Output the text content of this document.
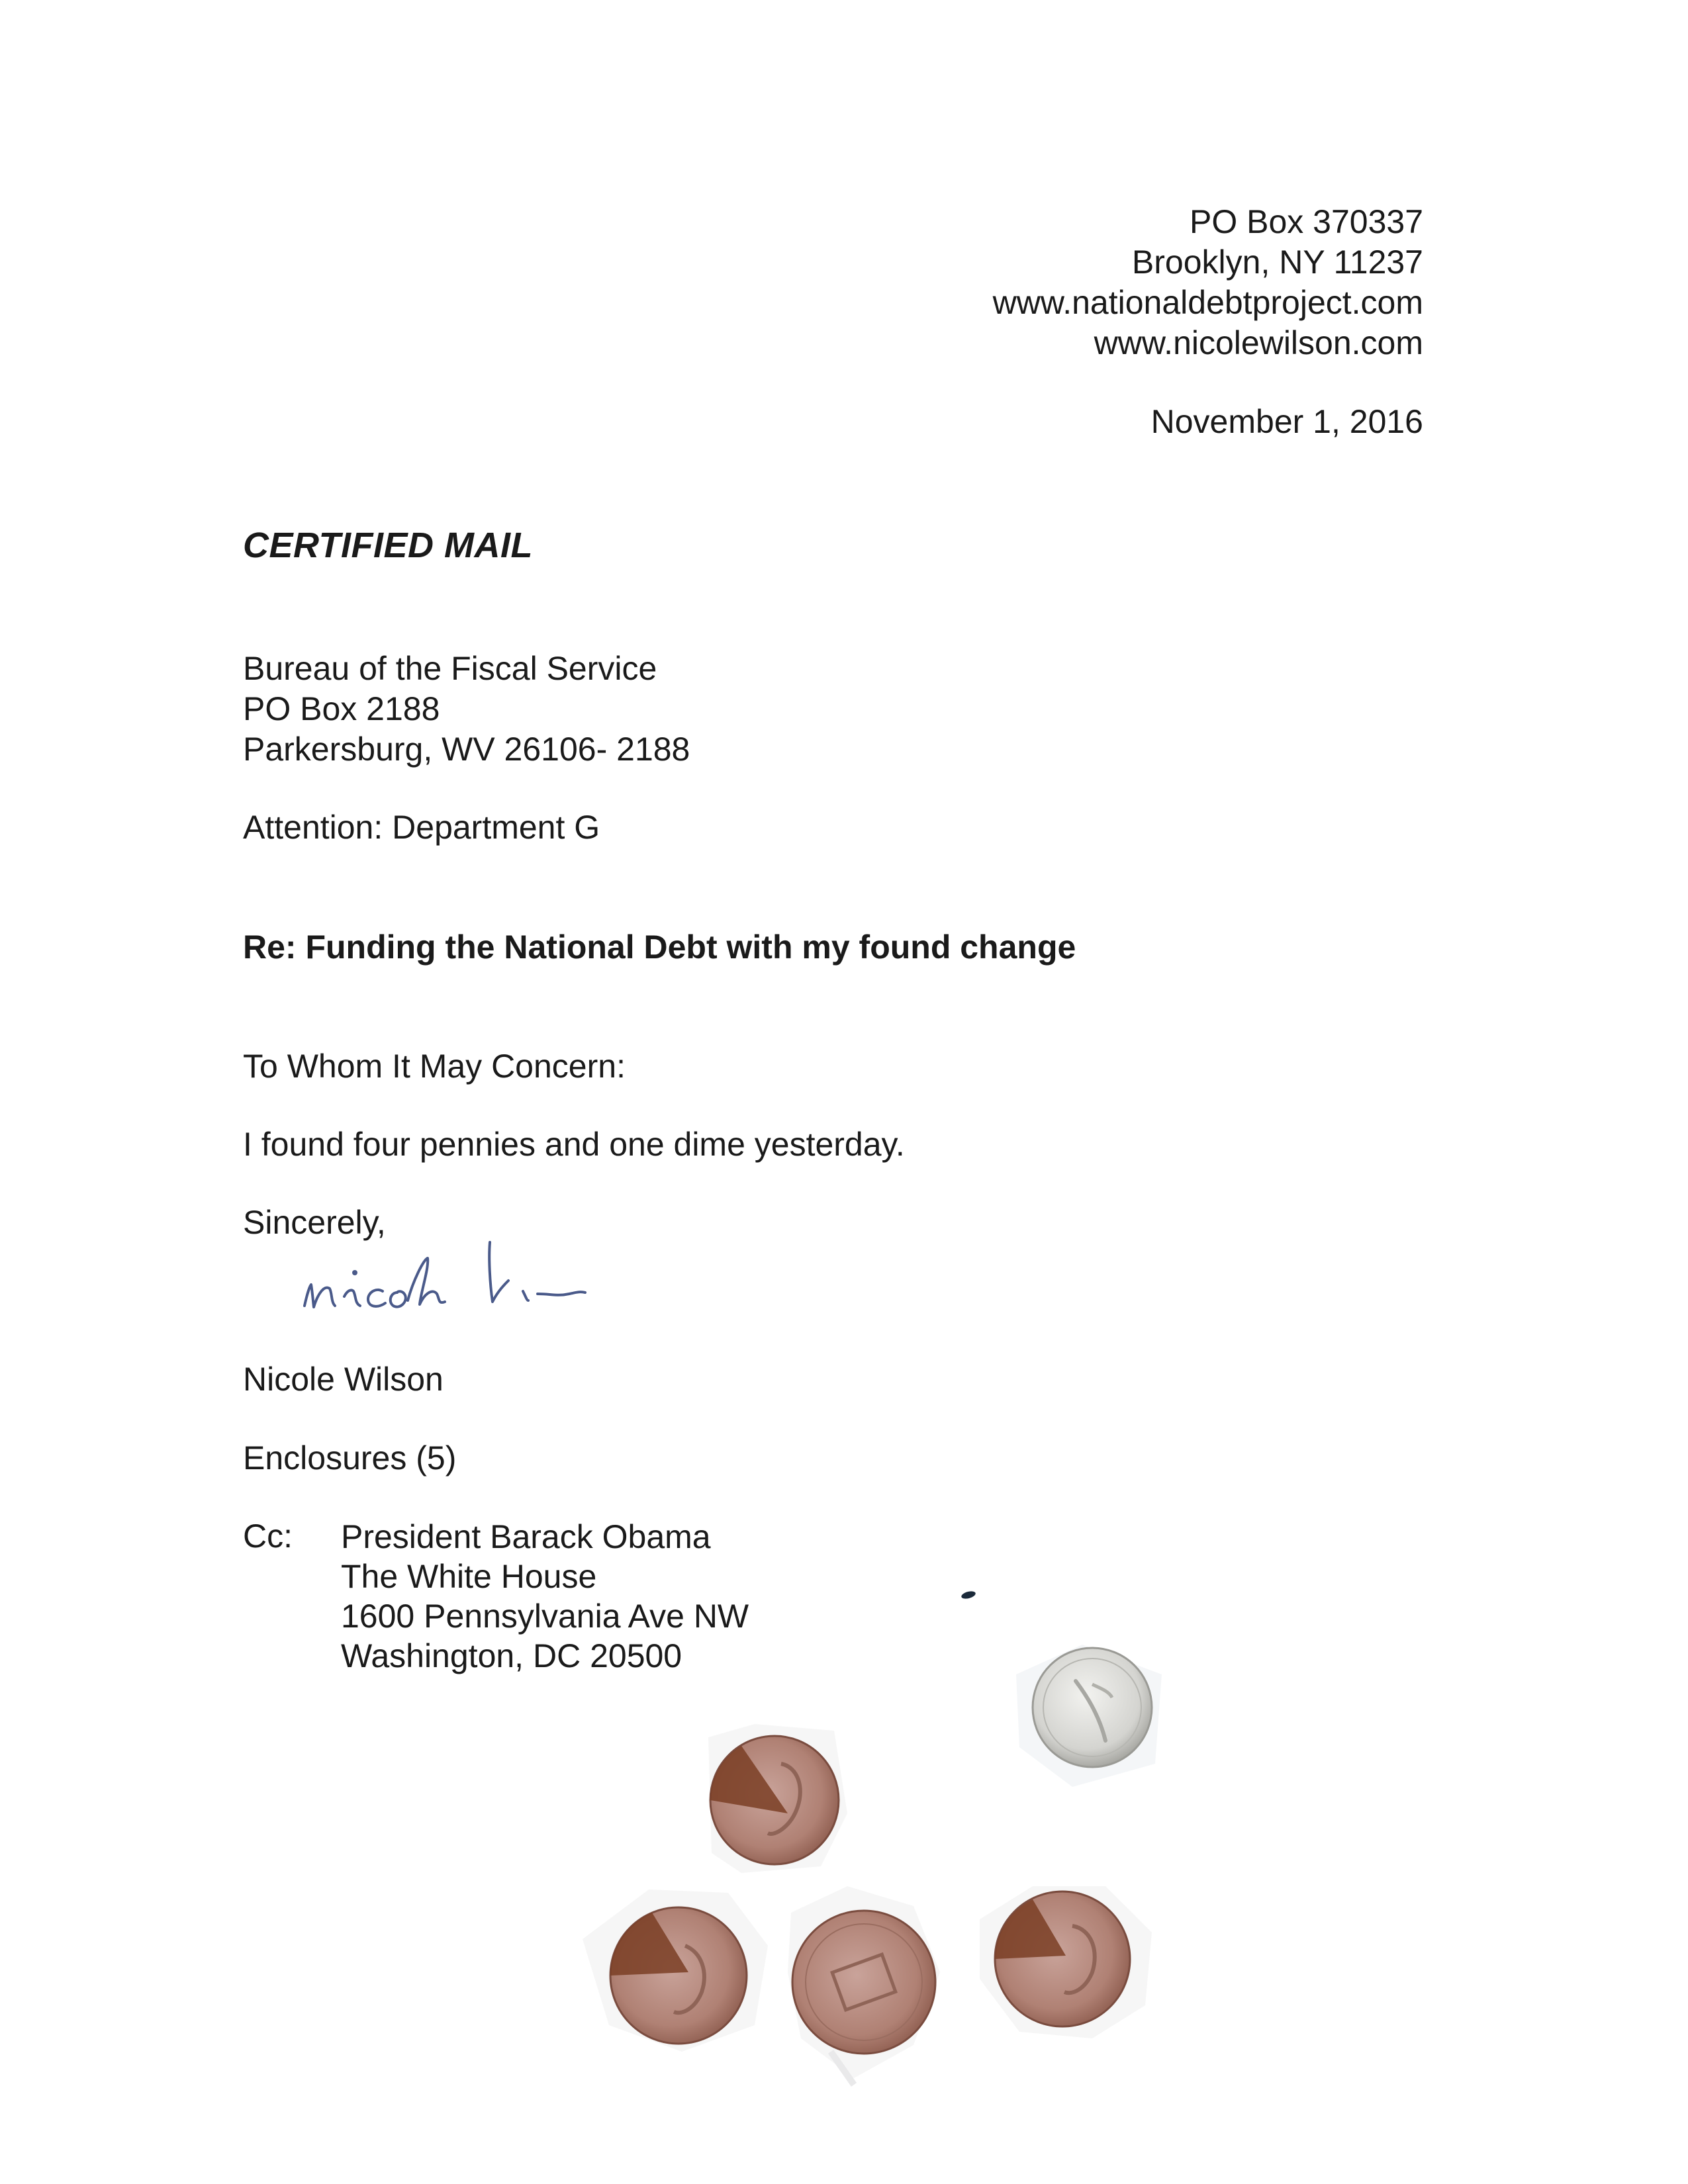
PO Box 370337
Brooklyn, NY 11237
www.nationaldebtproject.com
www.nicolewilson.com
November 1, 2016
CERTIFIED MAIL
Bureau of the Fiscal Service
PO Box 2188
Parkersburg, WV 26106- 2188
Attention: Department G
Re: Funding the National Debt with my found change
To Whom It May Concern:
I found four pennies and one dime yesterday.
Sincerely,
Nicole Wilson
Enclosures (5)
Cc: President Barack Obama
The White House
1600 Pennsylvania Ave NW
Washington, DC 20500
